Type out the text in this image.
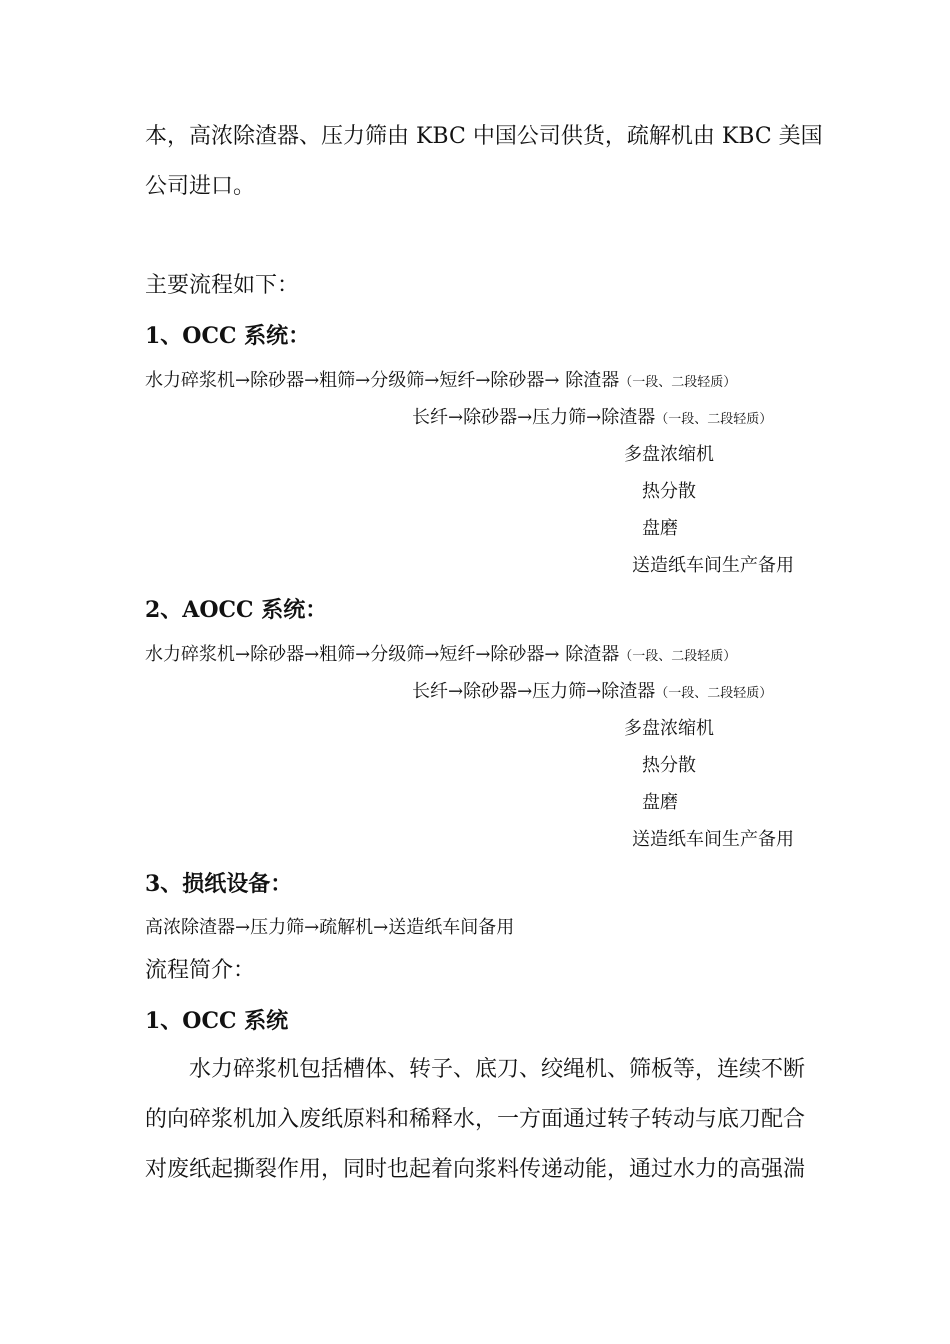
本，高浓除渣器、压力筛由 KBC 中国公司供货，疏解机由 KBC 美国
公司进口。
主要流程如下：
1、OCC 系统：
水力碎浆机→除砂器→粗筛→分级筛→短纤→除砂器→ 除渣器（一段、二段轻质）
长纤→除砂器→压力筛→除渣器（一段、二段轻质）
多盘浓缩机
热分散
盘磨
送造纸车间生产备用
2、AOCC 系统：
水力碎浆机→除砂器→粗筛→分级筛→短纤→除砂器→ 除渣器（一段、二段轻质）
长纤→除砂器→压力筛→除渣器（一段、二段轻质）
多盘浓缩机
热分散
盘磨
送造纸车间生产备用
3、损纸设备：
高浓除渣器→压力筛→疏解机→送造纸车间备用
流程简介：
1、OCC 系统
水力碎浆机包括槽体、转子、底刀、绞绳机、筛板等，连续不断
的向碎浆机加入废纸原料和稀释水，一方面通过转子转动与底刀配合
对废纸起撕裂作用，同时也起着向浆料传递动能，通过水力的高强湍
